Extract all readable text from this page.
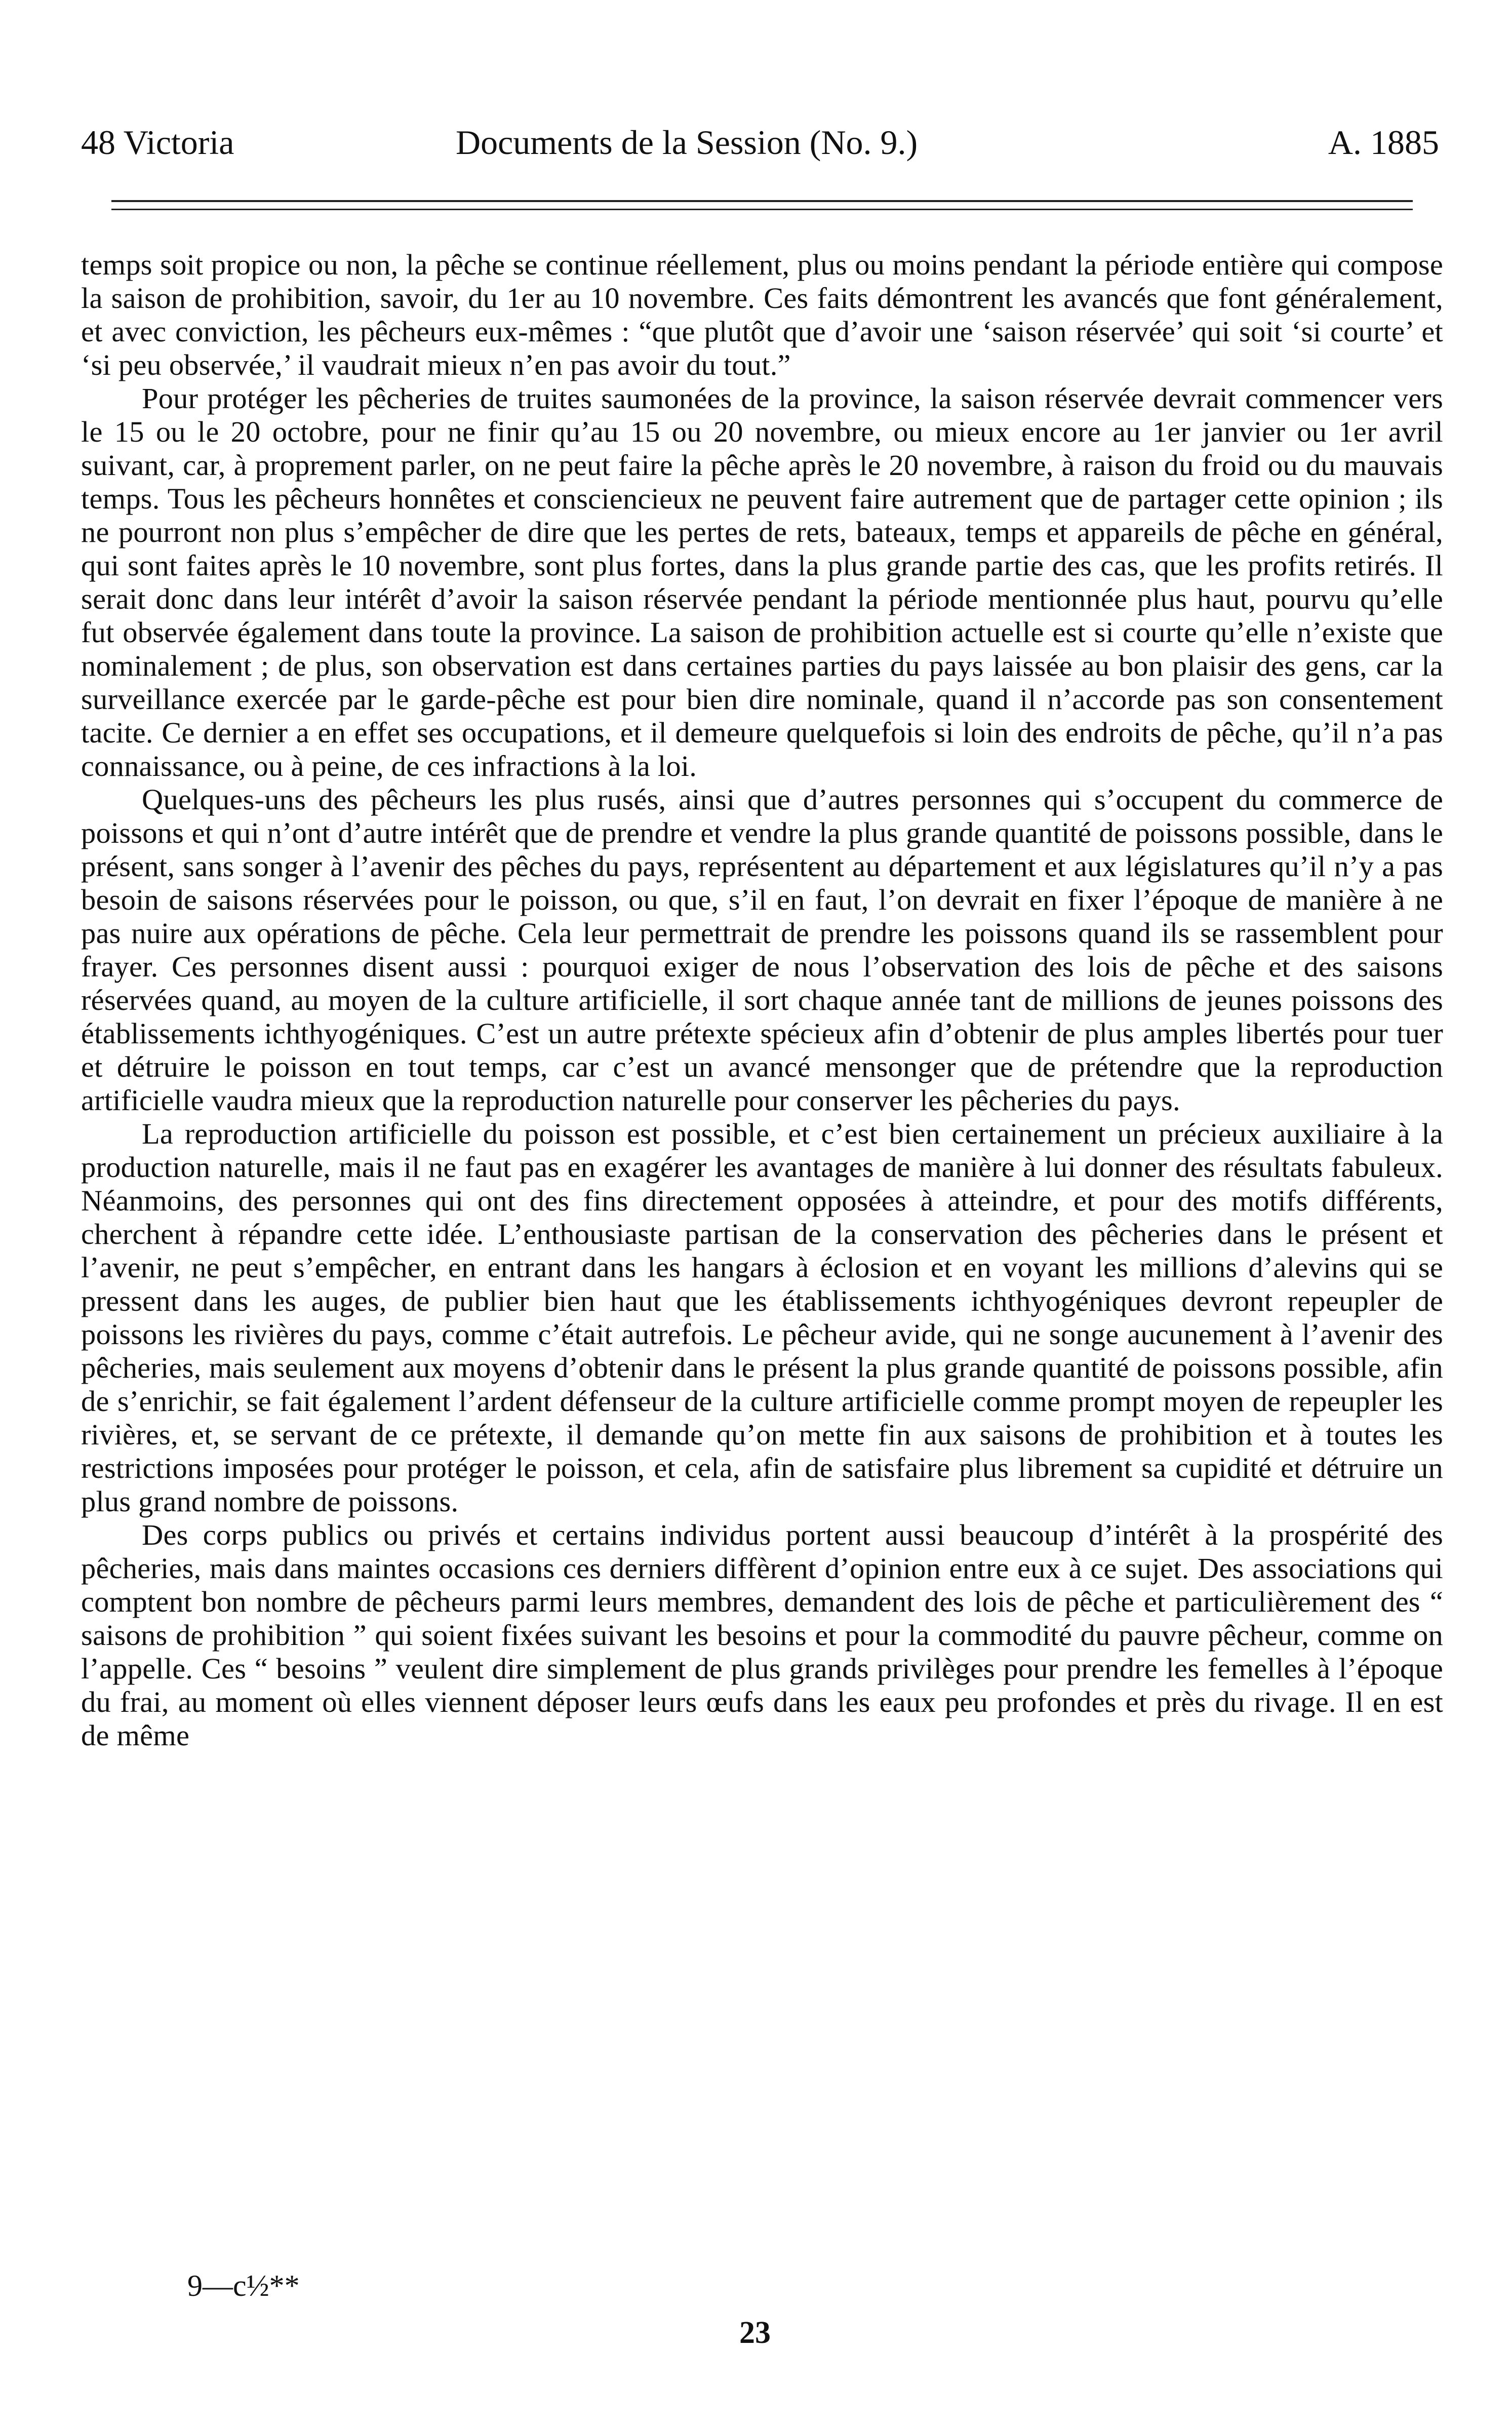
48 Victoria	Documents de la Session (No. 9.)	A. 1885

temps soit propice ou non, la pêche se continue réellement, plus ou moins pendant la période entière qui compose la saison de prohibition, savoir, du 1er au 10 novembre. Ces faits démontrent les avancés que font généralement, et avec conviction, les pêcheurs eux-mêmes : “que plutôt que d’avoir une ‘saison réservée’ qui soit ‘si courte’ et ‘si peu observée,’ il vaudrait mieux n’en pas avoir du tout.”

Pour protéger les pêcheries de truites saumonées de la province, la saison réservée devrait commencer vers le 15 ou le 20 octobre, pour ne finir qu’au 15 ou 20 novembre, ou mieux encore au 1er janvier ou 1er avril suivant, car, à proprement parler, on ne peut faire la pêche après le 20 novembre, à raison du froid ou du mauvais temps. Tous les pêcheurs honnêtes et consciencieux ne peuvent faire autrement que de partager cette opinion ; ils ne pourront non plus s’empêcher de dire que les pertes de rets, bateaux, temps et appareils de pêche en général, qui sont faites après le 10 novembre, sont plus fortes, dans la plus grande partie des cas, que les profits retirés. Il serait donc dans leur intérêt d’avoir la saison réservée pendant la période mentionnée plus haut, pourvu qu’elle fut observée également dans toute la province. La saison de prohibition actuelle est si courte qu’elle n’existe que nominalement ; de plus, son observation est dans certaines parties du pays laissée au bon plaisir des gens, car la surveillance exercée par le garde-pêche est pour bien dire nominale, quand il n’accorde pas son consentement tacite. Ce dernier a en effet ses occupations, et il demeure quelquefois si loin des endroits de pêche, qu’il n’a pas connaissance, ou à peine, de ces infractions à la loi.

Quelques-uns des pêcheurs les plus rusés, ainsi que d’autres personnes qui s’occupent du commerce de poissons et qui n’ont d’autre intérêt que de prendre et vendre la plus grande quantité de poissons possible, dans le présent, sans songer à l’avenir des pêches du pays, représentent au département et aux législatures qu’il n’y a pas besoin de saisons réservées pour le poisson, ou que, s’il en faut, l’on devrait en fixer l’époque de manière à ne pas nuire aux opérations de pêche. Cela leur permettrait de prendre les poissons quand ils se rassemblent pour frayer. Ces personnes disent aussi : pourquoi exiger de nous l’observation des lois de pêche et des saisons réservées quand, au moyen de la culture artificielle, il sort chaque année tant de millions de jeunes poissons des établissements ichthyogéniques. C’est un autre prétexte spécieux afin d’obtenir de plus amples libertés pour tuer et détruire le poisson en tout temps, car c’est un avancé mensonger que de prétendre que la reproduction artificielle vaudra mieux que la reproduction naturelle pour conserver les pêcheries du pays.

La reproduction artificielle du poisson est possible, et c’est bien certainement un précieux auxiliaire à la production naturelle, mais il ne faut pas en exagérer les avantages de manière à lui donner des résultats fabuleux. Néanmoins, des personnes qui ont des fins directement opposées à atteindre, et pour des motifs différents, cherchent à répandre cette idée. L’enthousiaste partisan de la conservation des pêcheries dans le présent et l’avenir, ne peut s’empêcher, en entrant dans les hangars à éclosion et en voyant les millions d’alevins qui se pressent dans les auges, de publier bien haut que les établissements ichthyogéniques devront repeupler de poissons les rivières du pays, comme c’était autrefois. Le pêcheur avide, qui ne songe aucunement à l’avenir des pêcheries, mais seulement aux moyens d’obtenir dans le présent la plus grande quantité de poissons possible, afin de s’enrichir, se fait également l’ardent défenseur de la culture artificielle comme prompt moyen de repeupler les rivières, et, se servant de ce prétexte, il demande qu’on mette fin aux saisons de prohibition et à toutes les restrictions imposées pour protéger le poisson, et cela, afin de satisfaire plus librement sa cupidité et détruire un plus grand nombre de poissons.

Des corps publics ou privés et certains individus portent aussi beaucoup d’intérêt à la prospérité des pêcheries, mais dans maintes occasions ces derniers diffèrent d’opinion entre eux à ce sujet. Des associations qui comptent bon nombre de pêcheurs parmi leurs membres, demandent des lois de pêche et particulièrement des “ saisons de prohibition ” qui soient fixées suivant les besoins et pour la commodité du pauvre pêcheur, comme on l’appelle. Ces “ besoins ” veulent dire simplement de plus grands privilèges pour prendre les femelles à l’époque du frai, au moment où elles viennent déposer leurs œufs dans les eaux peu profondes et près du rivage. Il en est de même

9—c½**
23
